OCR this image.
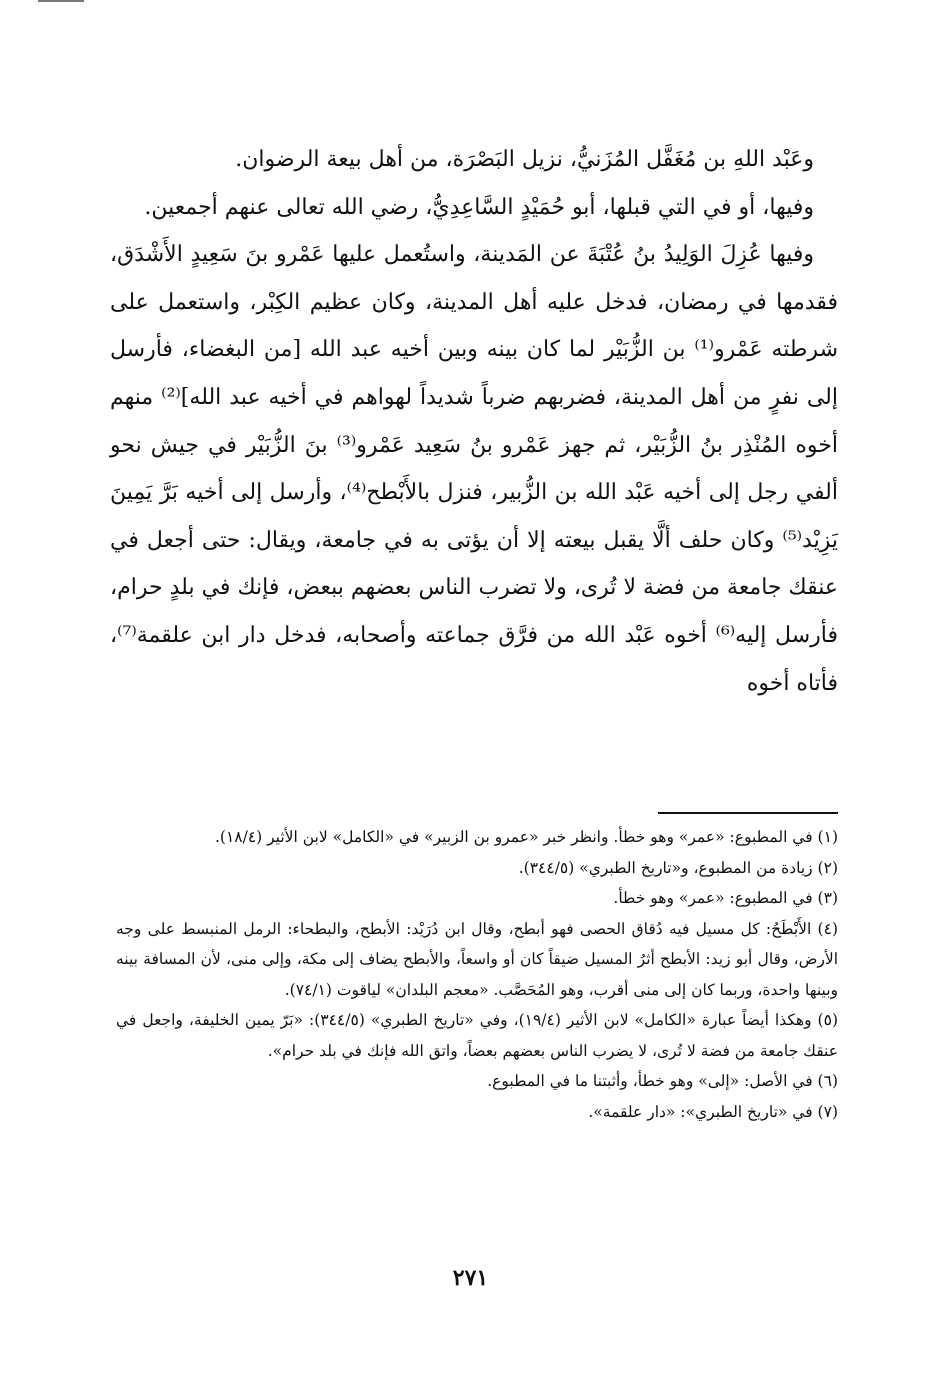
وعَبْد اللهِ بن مُغَفَّل المُزَنيُّ، نزيل البَصْرَة، من أهل بيعة الرضوان.

وفيها، أو في التي قبلها، أبو حُمَيْدٍ السَّاعِدِيُّ، رضي الله تعالى عنهم أجمعين.

وفيها عُزِلَ الوَلِيدُ بنُ عُتْبَةَ عن المَدينة، واستُعمل عليها عَمْرو بنَ سَعِيدٍ الأَشْدَق، فقدمها في رمضان، فدخل عليه أهل المدينة، وكان عظيم الكِبْر، واستعمل على شرطته عَمْرو⁽¹⁾ بن الزُّبَيْر لما كان بينه وبين أخيه عبد الله [من البغضاء، فأرسل إلى نفرٍ من أهل المدينة، فضربهم ضرباً شديداً لهواهم في أخيه عبد الله]⁽²⁾ منهم أخوه المُنْذِر بنُ الزُّبَيْر، ثم جهز عَمْرو بنُ سَعِيد عَمْرو⁽³⁾ بنَ الزُّبَيْر في جيش نحو ألفي رجل إلى أخيه عَبْد الله بن الزُّبير، فنزل بالأَبْطح⁽⁴⁾، وأرسل إلى أخيه بَرَّ يَمِينَ يَزِيْد⁽⁵⁾ وكان حلف ألَّا يقبل بيعته إلا أن يؤتى به في جامعة، ويقال: حتى أجعل في عنقك جامعة من فضة لا تُرى، ولا تضرب الناس بعضهم ببعض، فإنك في بلدٍ حرام، فأرسل إليه⁽⁶⁾ أخوه عَبْد الله من فرَّق جماعته وأصحابه، فدخل دار ابن علقمة⁽⁷⁾، فأتاه أخوه

(١) في المطبوع: «عمر» وهو خطأ. وانظر خبر «عمرو بن الزبير» في «الكامل» لابن الأثير (١٨/٤).
(٢) زيادة من المطبوع، و«تاريخ الطبري» (٣٤٤/٥).
(٣) في المطبوع: «عمر» وهو خطأ.
(٤) الأَبْطَحُ: كل مسيل فيه دُقاق الحصى فهو أبطح، وقال ابن دُرَيْد: الأبطح، والبطحاء: الرمل المنبسط على وجه الأرض، وقال أبو زيد: الأبطح أثرُ المسيل ضيقاً كان أو واسعاً، والأبطح يضاف إلى مكة، وإلى منى، لأن المسافة بينه وبينها واحدة، وربما كان إلى منى أقرب، وهو المُحَصَّب. «معجم البلدان» لياقوت (٧٤/١).
(٥) وهكذا أيضاً عبارة «الكامل» لابن الأثير (١٩/٤)، وفي «تاريخ الطبري» (٣٤٤/٥): «بَرّ يمين الخليفة، واجعل في عنقك جامعة من فضة لا تُرى، لا يضرب الناس بعضهم بعضاً، واتق الله فإنك في بلد حرام».
(٦) في الأصل: «إلى» وهو خطأ، وأثبتنا ما في المطبوع.
(٧) في «تاريخ الطبري»: «دار علقمة».
٢٧١
